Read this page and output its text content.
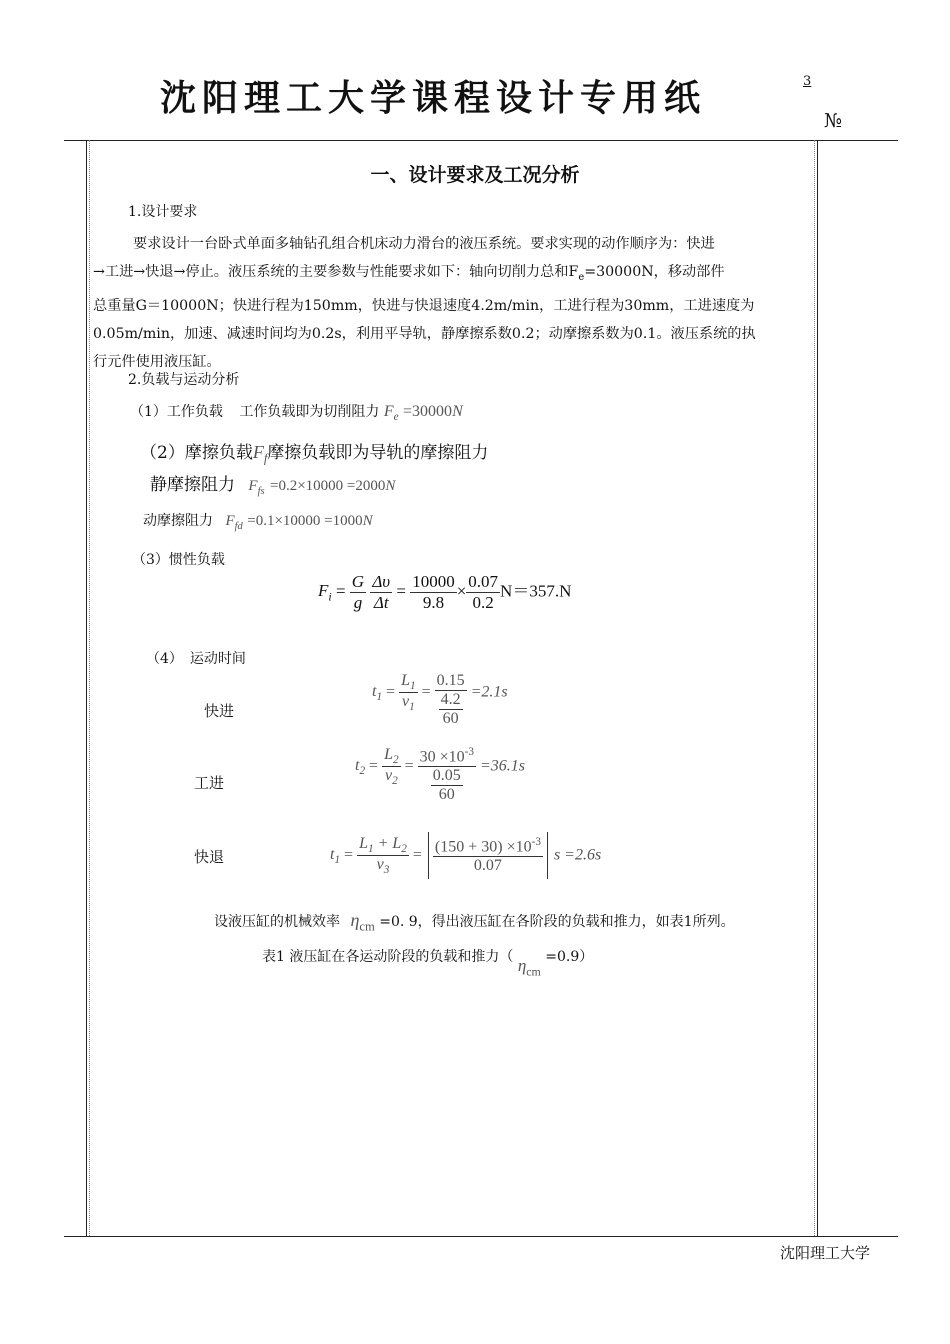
沈阳理工大学课程设计专用纸	3
№
一、设计要求及工况分析
1.设计要求
要求设计一台卧式单面多轴钻孔组合机床动力滑台的液压系统。要求实现的动作顺序为：快进
→工进→快退→停止。液压系统的主要参数与性能要求如下：轴向切削力总和$F_e=30000N$，移动部件
总重量G＝10000N；快进行程为150mm，快进与快退速度4.2m/min，工进行程为30mm，工进速度为
0.05m/min，加速、减速时间均为0.2s，利用平导轨，静摩擦系数0.2；动摩擦系数为0.1。液压系统的执
行元件使用液压缸。
2.负载与运动分析
（1）工作负载 工作负载即为切削阻力 $F_e =30000N$
（2）摩擦负载$F_f$摩擦负载即为导轨的摩擦阻力
静摩擦阻力 $F_{fs} =0.2\times 10000 =2000N$
动摩擦阻力 $F_{fd} =0.1\times 10000 =1000N$
（3）惯性负载
$F_i = \frac{G}{g}$
$\frac{\Delta\upsilon}{\Delta t} = \frac{10000}{9.8} \times \frac{0.07}{0.2} N=357.N$
（4）　运动时间
快进
$t_1 = \frac{L_1}{v_1} = \frac{0.15}{\frac{4.2}{60}} =2.1s$
工进
$t_2 = \frac{L_2}{v_2} = \frac{30 \times 10^{-3}}{\frac{0.05}{60}} =36.1s$
快退	$t_1 = \frac{L_1 + L_2}{v_3} = \frac{(150 + 30) \times 10^{-3}}{0.07}$ s =2.6s
设液压缸的机械效率 $\eta_{cm} =0$. 9，得出液压缸在各阶段的负载和推力，如表1所列。
表1 液压缸在各运动阶段的负载和推力（ $\eta_{cm} =0.9$）
沈阳理工大学
